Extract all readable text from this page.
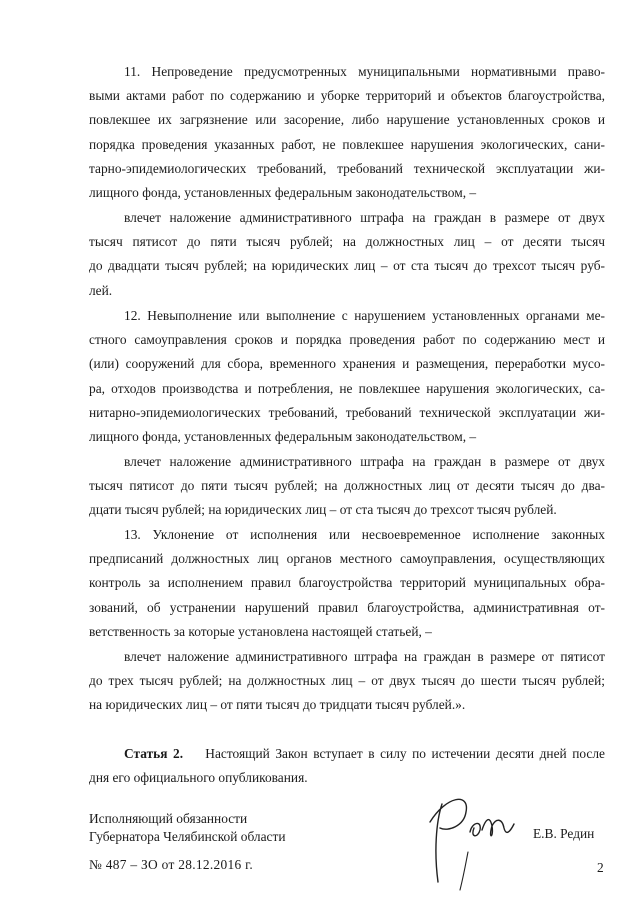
11. Непроведение предусмотренных муниципальными нормативными право-
выми актами работ по содержанию и уборке территорий и объектов благоустройства,
повлекшее их загрязнение или засорение, либо нарушение установленных сроков и
порядка проведения указанных работ, не повлекшее нарушения экологических, сани-
тарно-эпидемиологических требований, требований технической эксплуатации жи-
лищного фонда, установленных федеральным законодательством, –
влечет наложение административного штрафа на граждан в размере от двух
тысяч пятисот до пяти тысяч рублей; на должностных лиц – от десяти тысяч
до двадцати тысяч рублей; на юридических лиц – от ста тысяч до трехсот тысяч руб-
лей.
12. Невыполнение или выполнение с нарушением установленных органами ме-
стного самоуправления сроков и порядка проведения работ по содержанию мест и
(или) сооружений для сбора, временного хранения и размещения, переработки мусо-
ра, отходов производства и потребления, не повлекшее нарушения экологических, са-
нитарно-эпидемиологических требований, требований технической эксплуатации жи-
лищного фонда, установленных федеральным законодательством, –
влечет наложение административного штрафа на граждан в размере от двух
тысяч пятисот до пяти тысяч рублей; на должностных лиц от десяти тысяч до два-
дцати тысяч рублей; на юридических лиц – от ста тысяч до трехсот тысяч рублей.
13. Уклонение от исполнения или несвоевременное исполнение законных
предписаний должностных лиц органов местного самоуправления, осуществляющих
контроль за исполнением правил благоустройства территорий муниципальных обра-
зований, об устранении нарушений правил благоустройства, административная от-
ветственность за которые установлена настоящей статьей, –
влечет наложение административного штрафа на граждан в размере от пятисот
до трех тысяч рублей; на должностных лиц – от двух тысяч до шести тысяч рублей;
на юридических лиц – от пяти тысяч до тридцати тысяч рублей.».
Статья 2. Настоящий Закон вступает в силу по истечении десяти дней после
дня его официального опубликования.
Исполняющий обязанности
Губернатора Челябинской области	Е.В. Редин
№ 487 – ЗО от 28.12.2016 г.	2
